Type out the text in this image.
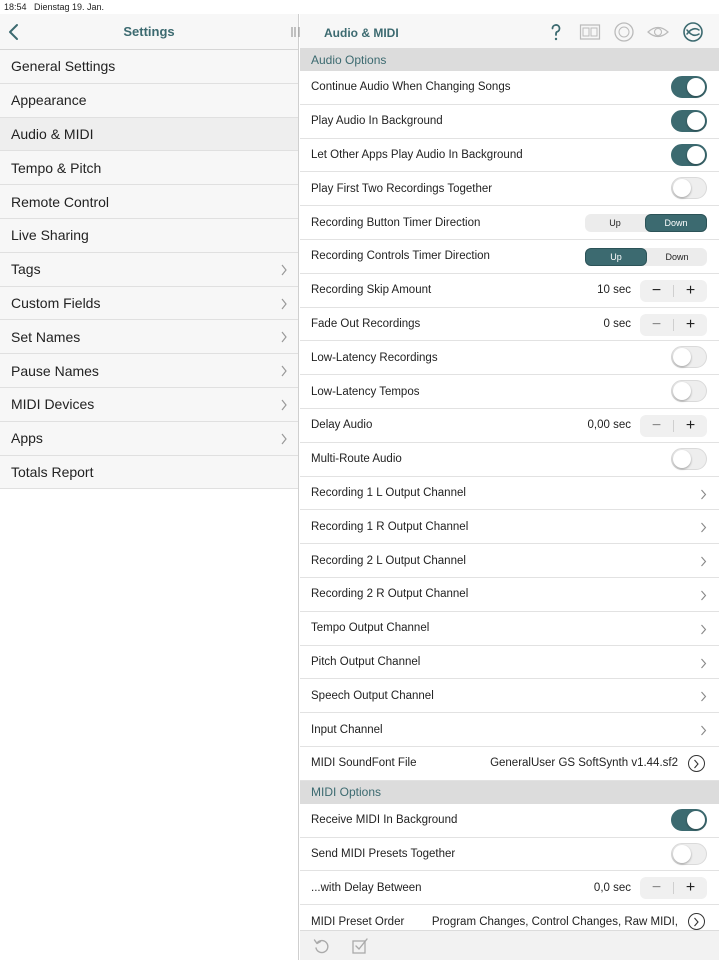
18:54 Dienstag 19. Jan.
Settings
General Settings
Appearance
Audio & MIDI
Tempo & Pitch
Remote Control
Live Sharing
Tags
Custom Fields
Set Names
Pause Names
MIDI Devices
Apps
Totals Report
Audio & MIDI
Audio Options
Continue Audio When Changing Songs
Play Audio In Background
Let Other Apps Play Audio In Background
Play First Two Recordings Together
Recording Button Timer Direction	Up	Down
Recording Controls Timer Direction	Up	Down
Recording Skip Amount	10 sec	−	+
Fade Out Recordings	0 sec	−	+
Low-Latency Recordings
Low-Latency Tempos
Delay Audio	0,00 sec	−	+
Multi-Route Audio
Recording 1 L Output Channel
Recording 1 R Output Channel
Recording 2 L Output Channel
Recording 2 R Output Channel
Tempo Output Channel
Pitch Output Channel
Speech Output Channel
Input Channel
MIDI SoundFont File	GeneralUser GS SoftSynth v1.44.sf2
MIDI Options
Receive MIDI In Background
Send MIDI Presets Together
...with Delay Between	0,0 sec	−	+
MIDI Preset Order Program Changes, Control Changes, Raw MIDI,
